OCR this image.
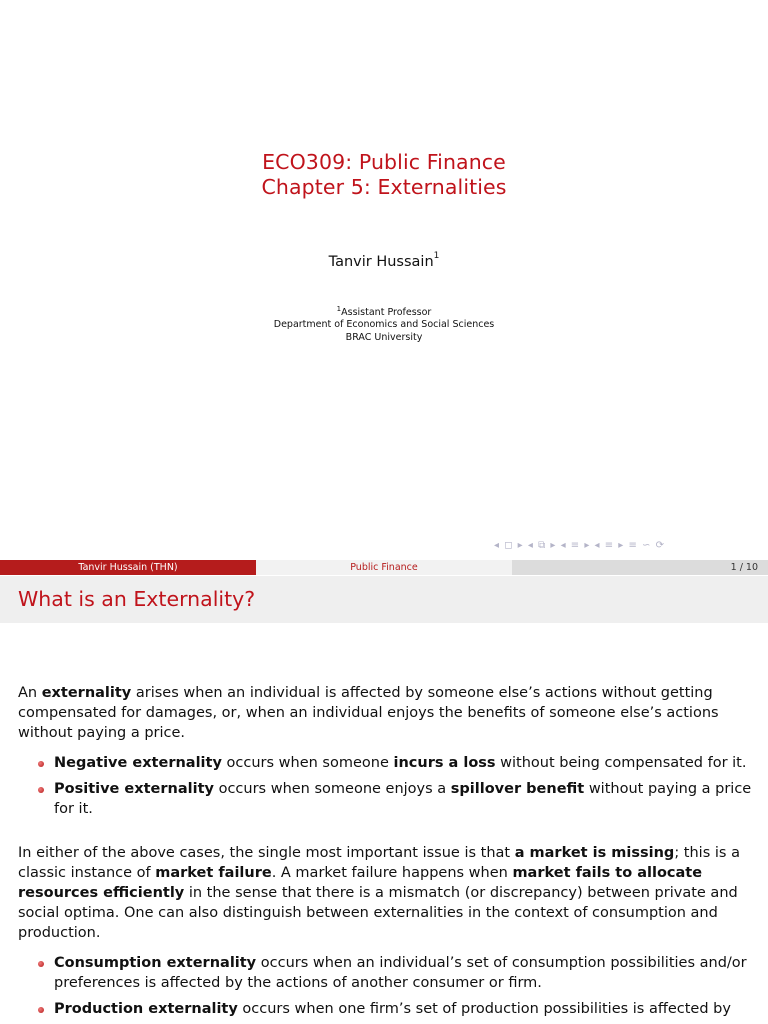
ECO309: Public Finance
Chapter 5: Externalities
Tanvir Hussain$^1$
$^1$Assistant Professor
Department of Economics and Social Sciences
BRAC University
◂ ◻ ▸ ◂ ⧉ ▸ ◂ ≡ ▸ ◂ ≡ ▸ ≡ ∽ ⟳
Tanvir Hussain (THN)	Public Finance	1 / 10
What is an Externality?

An externality arises when an individual is affected by someone else’s actions without getting compensated for damages, or, when an individual enjoys the benefits of someone else’s actions without paying a price.

Negative externality occurs when someone incurs a loss without being compensated for it.
Positive externality occurs when someone enjoys a spillover benefit without paying a price for it.

In either of the above cases, the single most important issue is that a market is missing; this is a classic instance of market failure. A market failure happens when market fails to allocate resources efficiently in the sense that there is a mismatch (or discrepancy) between private and social optima. One can also distinguish between externalities in the context of consumption and production.

Consumption externality occurs when an individual’s set of consumption possibilities and/or preferences is affected by the actions of another consumer or firm.
Production externality occurs when one firm’s set of production possibilities is affected by
